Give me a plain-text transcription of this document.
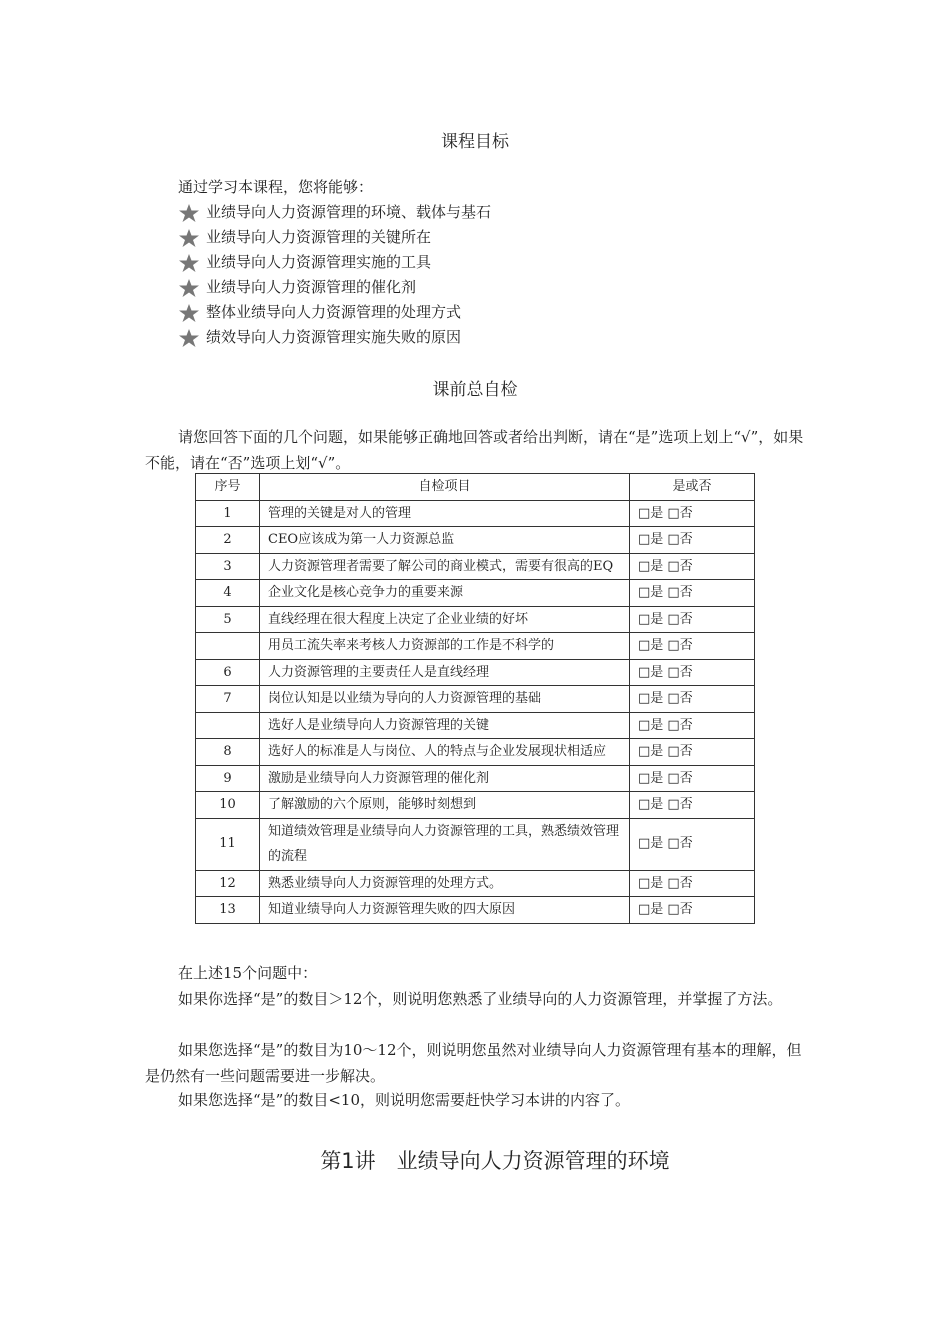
课程目标

通过学习本课程，您将能够：

业绩导向人力资源管理的环境、载体与基石
业绩导向人力资源管理的关键所在
业绩导向人力资源管理实施的工具
业绩导向人力资源管理的催化剂
整体业绩导向人力资源管理的处理方式
绩效导向人力资源管理实施失败的原因
课前总自检

请您回答下面的几个问题，如果能够正确地回答或者给出判断，请在“是”选项上划上“√”，如果不能，请在“否”选项上划“√”。

序号	自检项目	是或否
1	管理的关键是对人的管理	□是 □否
2	CEO应该成为第一人力资源总监	□是 □否
3	人力资源管理者需要了解公司的商业模式，需要有很高的EQ	□是 □否
4	企业文化是核心竞争力的重要来源	□是 □否
5	直线经理在很大程度上决定了企业业绩的好坏	□是 □否
	用员工流失率来考核人力资源部的工作是不科学的	□是 □否
6	人力资源管理的主要责任人是直线经理	□是 □否
7	岗位认知是以业绩为导向的人力资源管理的基础	□是 □否
	选好人是业绩导向人力资源管理的关键	□是 □否
8	选好人的标准是人与岗位、人的特点与企业发展现状相适应	□是 □否
9	激励是业绩导向人力资源管理的催化剂	□是 □否
10	了解激励的六个原则，能够时刻想到	□是 □否
11	知道绩效管理是业绩导向人力资源管理的工具，熟悉绩效管理的流程	□是 □否
12	熟悉业绩导向人力资源管理的处理方式。	□是 □否
13	知道业绩导向人力资源管理失败的四大原因	□是 □否

在上述15个问题中：

如果你选择“是”的数目＞12个，则说明您熟悉了业绩导向的人力资源管理，并掌握了方法。

如果您选择“是”的数目为10～12个，则说明您虽然对业绩导向人力资源管理有基本的理解，但是仍然有一些问题需要进一步解决。

如果您选择“是”的数目<10，则说明您需要赶快学习本讲的内容了。

第1讲　业绩导向人力资源管理的环境
